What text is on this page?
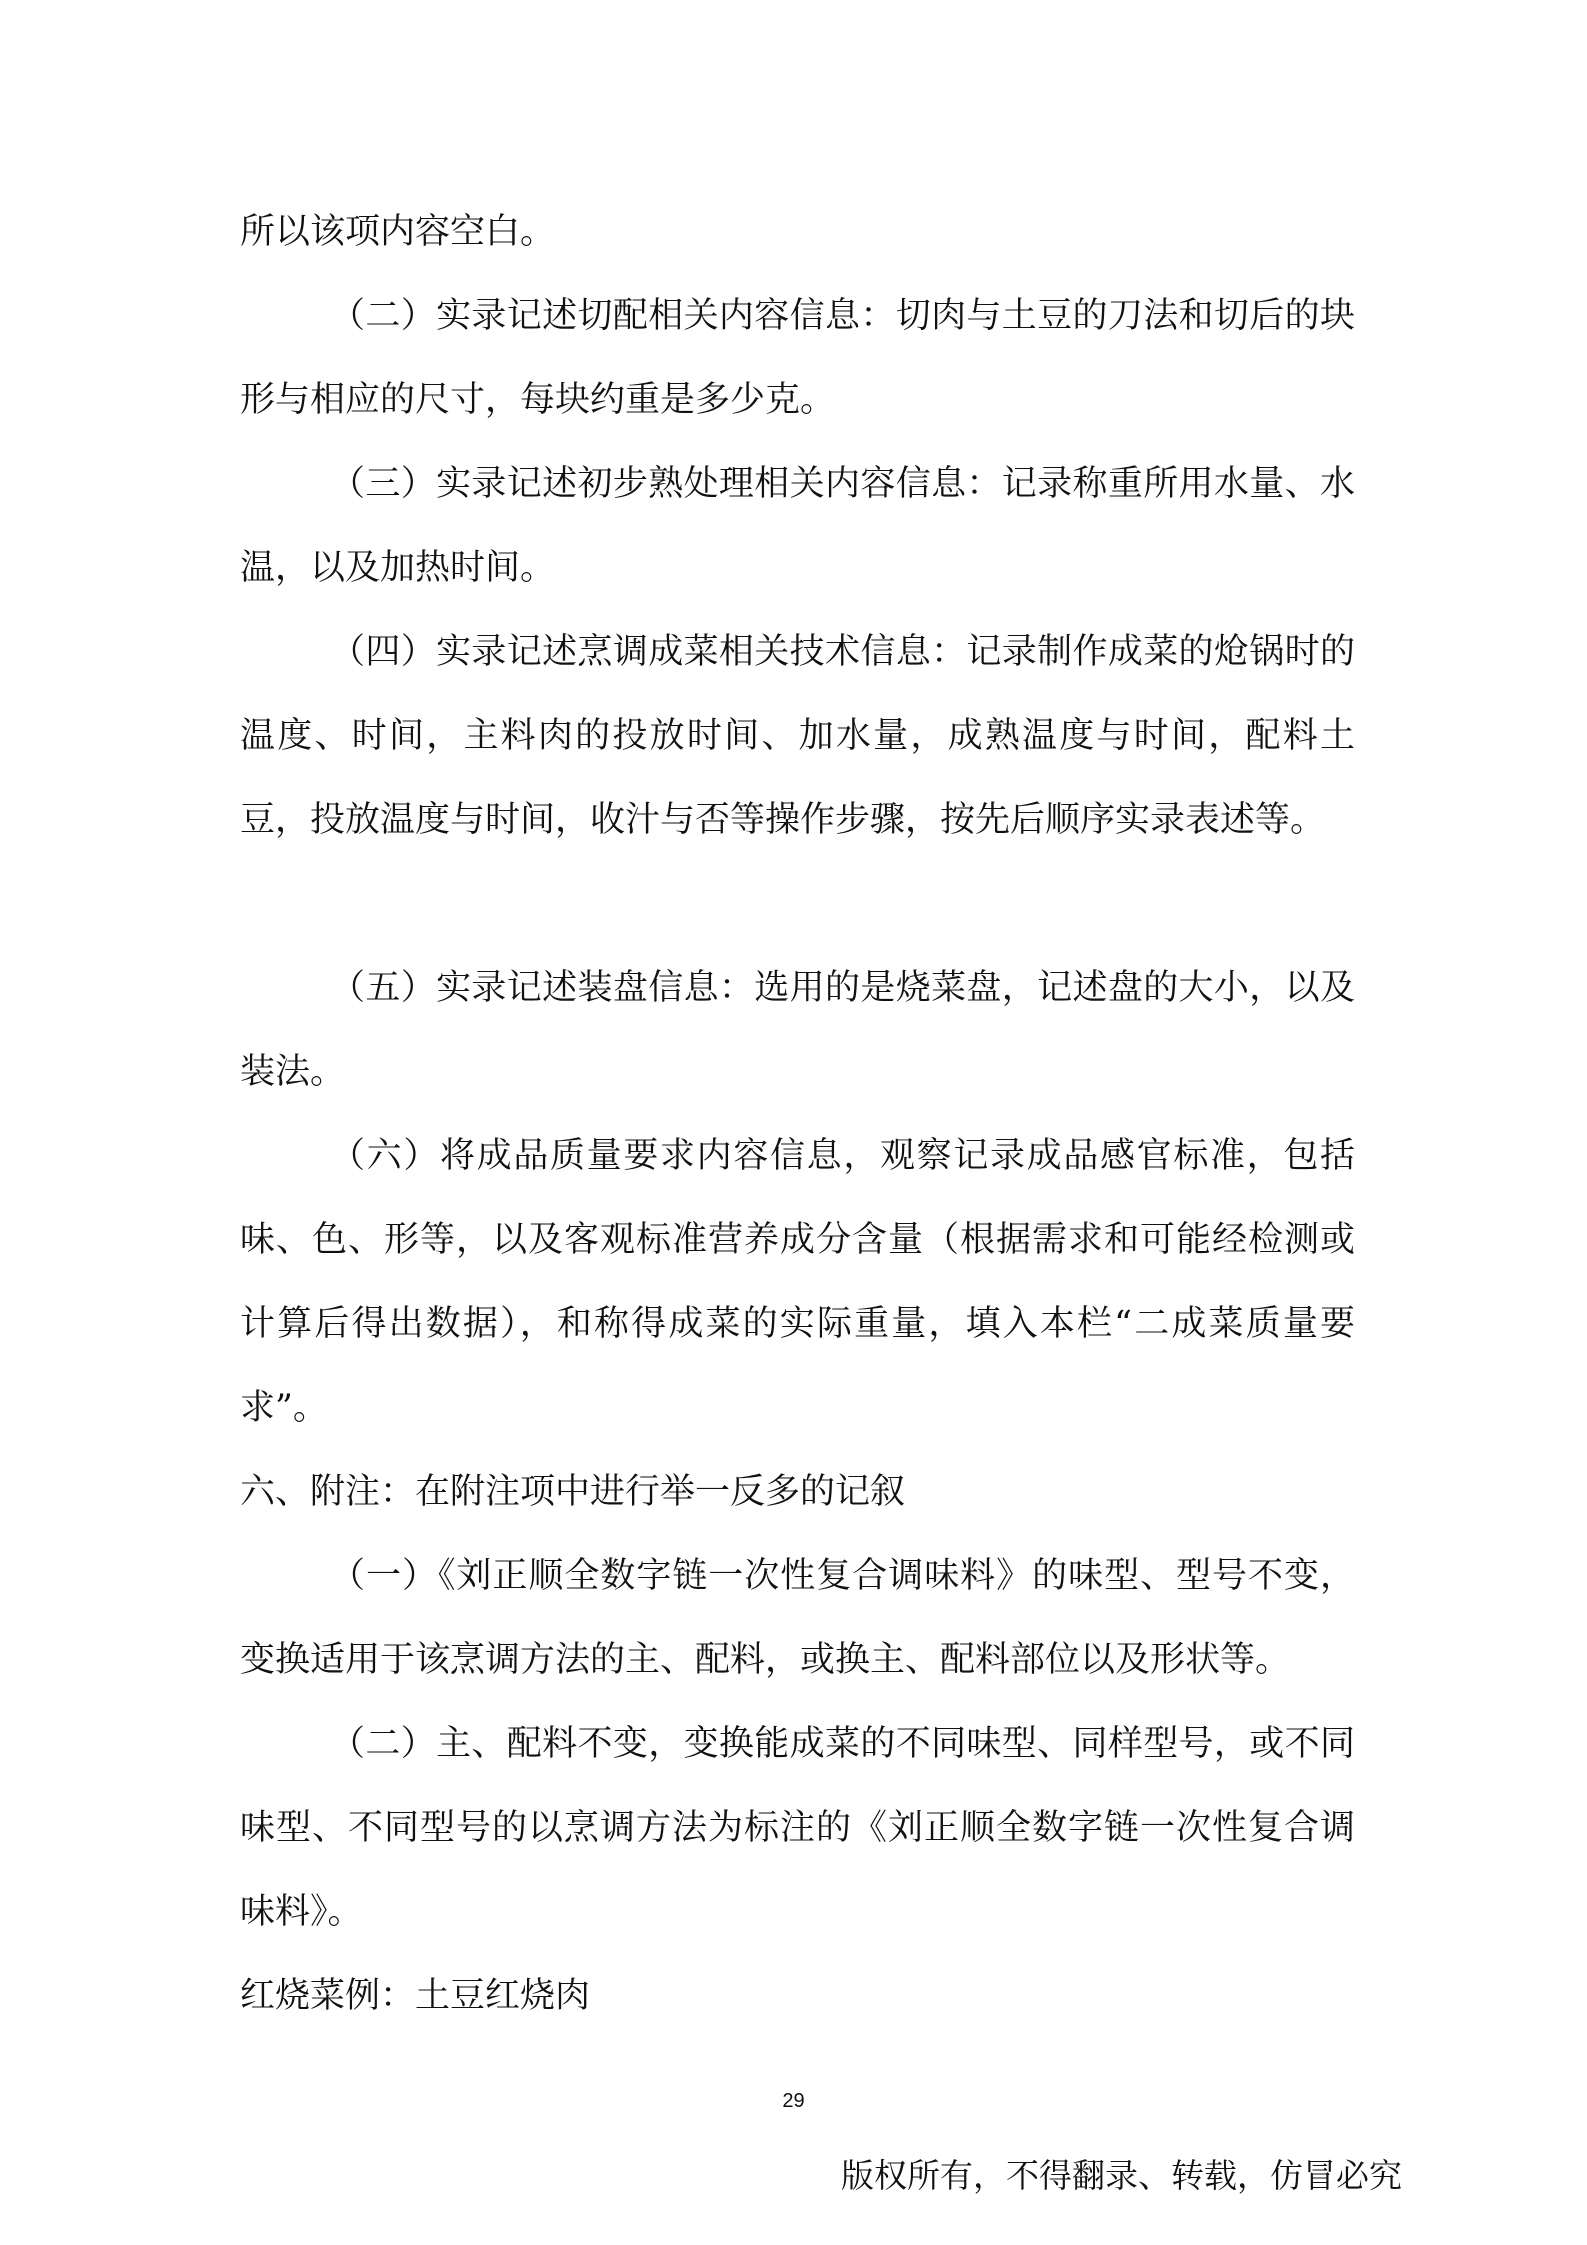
所以该项内容空白。

（二）实录记述切配相关内容信息：切肉与土豆的刀法和切后的块形与相应的尺寸，每块约重是多少克。

（三）实录记述初步熟处理相关内容信息：记录称重所用水量、水温，以及加热时间。

（四）实录记述烹调成菜相关技术信息：记录制作成菜的炝锅时的温度、时间，主料肉的投放时间、加水量，成熟温度与时间，配料土豆，投放温度与时间，收汁与否等操作步骤，按先后顺序实录表述等。

（五）实录记述装盘信息：选用的是烧菜盘，记述盘的大小，以及装法。

（六）将成品质量要求内容信息，观察记录成品感官标准，包括味、色、形等，以及客观标准营养成分含量（根据需求和可能经检测或计算后得出数据），和称得成菜的实际重量，填入本栏“二成菜质量要求”。

六、附注：在附注项中进行举一反多的记叙

（一）《刘正顺全数字链一次性复合调味料》的味型、型号不变，变换适用于该烹调方法的主、配料，或换主、配料部位以及形状等。

（二）主、配料不变，变换能成菜的不同味型、同样型号，或不同味型、不同型号的以烹调方法为标注的《刘正顺全数字链一次性复合调味料》。

红烧菜例：土豆红烧肉

29
版权所有，不得翻录、转载，仿冒必究
